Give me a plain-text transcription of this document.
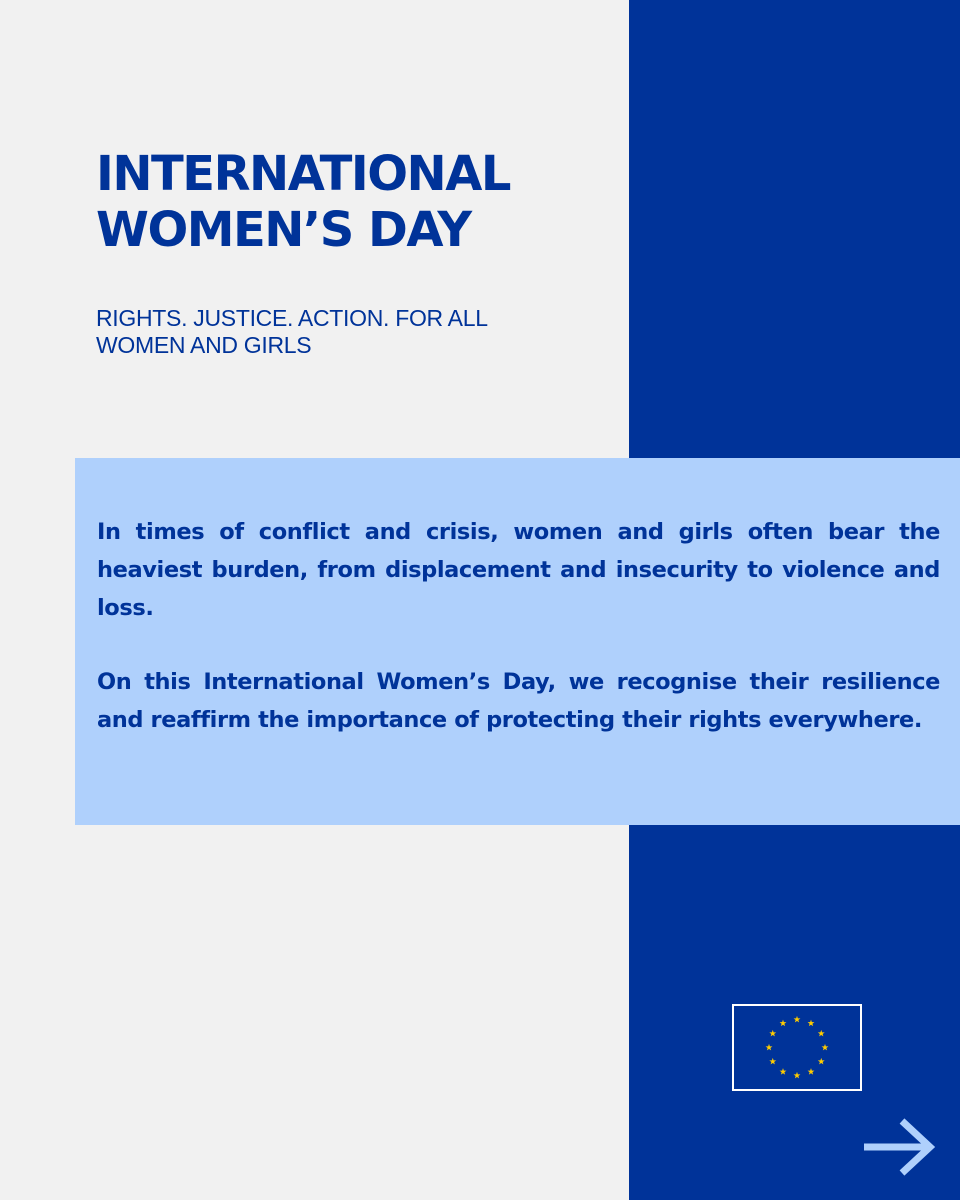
INTERNATIONAL
WOMEN’S DAY
RIGHTS. JUSTICE. ACTION. FOR ALL
WOMEN AND GIRLS

In times of conflict and crisis, women and girls often bear the heaviest burden, from displacement and insecurity to violence and loss.

On this International Women’s Day, we recognise their resilience and reaffirm the importance of protecting their rights everywhere.
